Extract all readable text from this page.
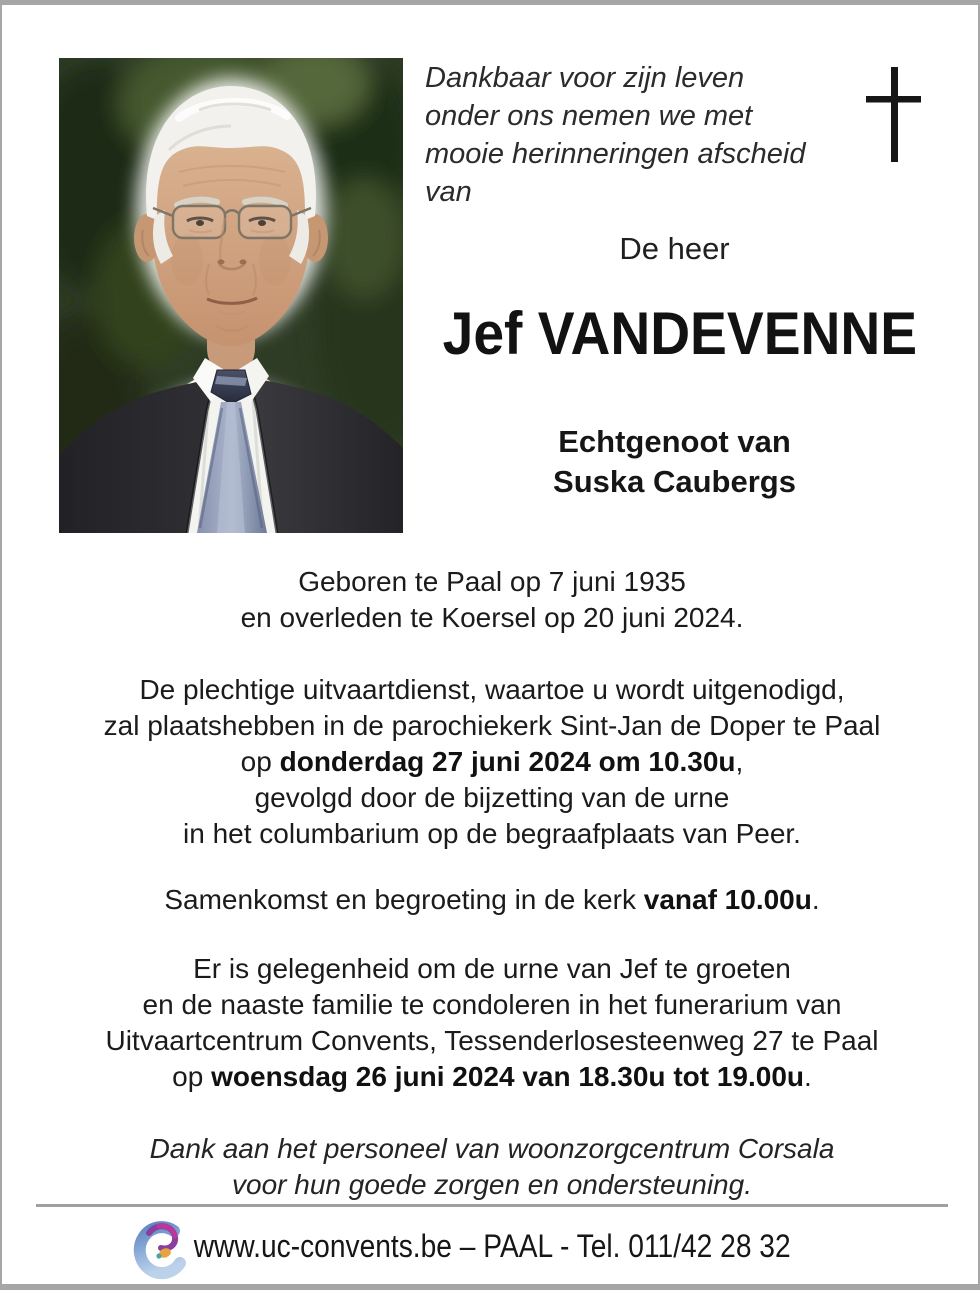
Dankbaar voor zijn leven
onder ons nemen we met
mooie herinneringen afscheid
van
De heer
Jef VANDEVENNE
Echtgenoot van
Suska Caubergs

Geboren te Paal op 7 juni 1935
en overleden te Koersel op 20 juni 2024.

De plechtige uitvaartdienst, waartoe u wordt uitgenodigd,
zal plaatshebben in de parochiekerk Sint-Jan de Doper te Paal
op donderdag 27 juni 2024 om 10.30u,
gevolgd door de bijzetting van de urne
in het columbarium op de begraafplaats van Peer.

Samenkomst en begroeting in de kerk vanaf 10.00u.

Er is gelegenheid om de urne van Jef te groeten
en de naaste familie te condoleren in het funerarium van
Uitvaartcentrum Convents, Tessenderlosesteenweg 27 te Paal
op woensdag 26 juni 2024 van 18.30u tot 19.00u.

Dank aan het personeel van woonzorgcentrum Corsala
voor hun goede zorgen en ondersteuning.

www.uc-convents.be – PAAL - Tel. 011/42 28 32
